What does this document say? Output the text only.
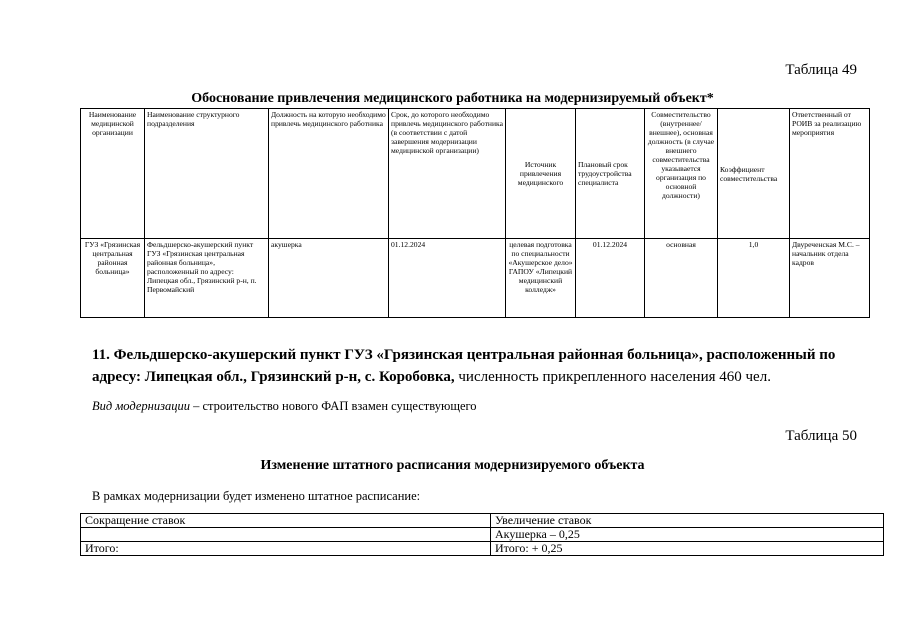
Таблица 49
Обоснование привлечения медицинского работника на модернизируемый объект*
Наименование медицинской организации	Наименование структурного подразделения	Должность на которую необходимо привлечь медицинского работника	Срок, до которого необходимо привлечь медицинского работника (в соответствии с датой завершения модернизации медицинской организации)	Источник привлечения медицинского	Плановый срок трудоустройства специалиста	Совместительство (внутреннее/внешнее), основная должность (в случае внешнего совместительства указывается организация по основной должности)	Коэффициент совместительства	Ответственный от РОИВ за реализацию мероприятия
ГУЗ «Грязинская центральная районная больница»	Фельдшерско-акушерский пункт ГУЗ «Грязинская центральная районная больница», расположенный по адресу: Липецкая обл., Грязинский р-н, п. Первомайский	акушерка	01.12.2024	целевая подготовка по специальности «Акушерское дело» ГАПОУ «Липецкий медицинский колледж»	01.12.2024	основная	1,0	Двуреченская М.С. – начальник отдела кадров
11. Фельдшерско-акушерский пункт ГУЗ «Грязинская центральная районная больница», расположенный по адресу: Липецкая обл., Грязинский р-н, с. Коробовка, численность прикрепленного населения 460 чел.
Вид модернизации – строительство нового ФАП взамен существующего
Таблица 50
Изменение штатного расписания модернизируемого объекта
В рамках модернизации будет изменено штатное расписание:
Сокращение ставок	Увеличение ставок
	Акушерка – 0,25
Итого:	Итого: + 0,25
